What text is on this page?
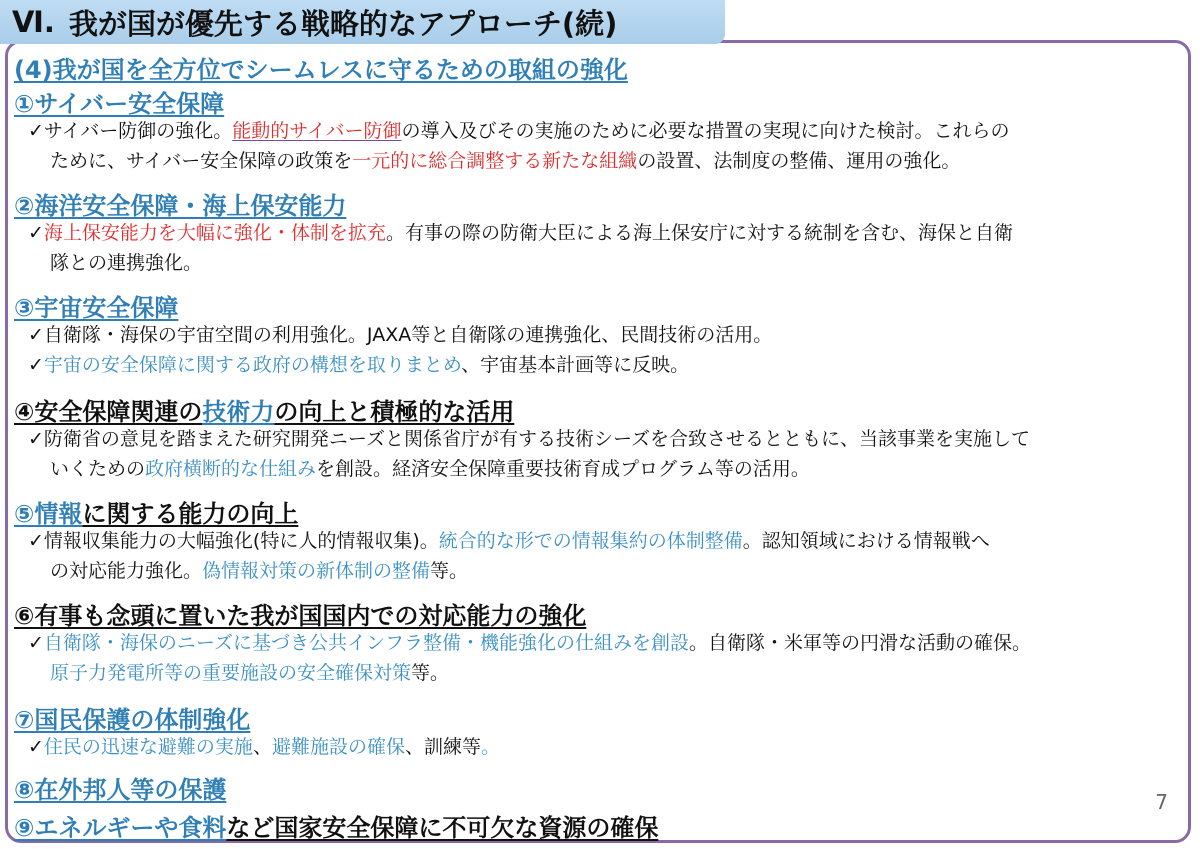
Ⅵ. 我が国が優先する戦略的なアプローチ(続)
(4)我が国を全方位でシームレスに守るための取組の強化
①サイバー安全保障
✓サイバー防御の強化。能動的サイバー防御の導入及びその実施のために必要な措置の実現に向けた検討。これらの
ために、サイバー安全保障の政策を一元的に総合調整する新たな組織の設置、法制度の整備、運用の強化。
②海洋安全保障・海上保安能力
✓海上保安能力を大幅に強化・体制を拡充。有事の際の防衛大臣による海上保安庁に対する統制を含む、海保と自衛
隊との連携強化。
③宇宙安全保障
✓自衛隊・海保の宇宙空間の利用強化。JAXA等と自衛隊の連携強化、民間技術の活用。
✓宇宙の安全保障に関する政府の構想を取りまとめ、宇宙基本計画等に反映。
④安全保障関連の技術力の向上と積極的な活用
✓防衛省の意見を踏まえた研究開発ニーズと関係省庁が有する技術シーズを合致させるとともに、当該事業を実施して
いくための政府横断的な仕組みを創設。経済安全保障重要技術育成プログラム等の活用。
⑤情報に関する能力の向上
✓情報収集能力の大幅強化(特に人的情報収集)。統合的な形での情報集約の体制整備。認知領域における情報戦へ
の対応能力強化。偽情報対策の新体制の整備等。
⑥有事も念頭に置いた我が国国内での対応能力の強化
✓自衛隊・海保のニーズに基づき公共インフラ整備・機能強化の仕組みを創設。自衛隊・米軍等の円滑な活動の確保。
原子力発電所等の重要施設の安全確保対策等。
⑦国民保護の体制強化
✓住民の迅速な避難の実施、避難施設の確保、訓練等。
⑧在外邦人等の保護
⑨エネルギーや食料など国家安全保障に不可欠な資源の確保
7
